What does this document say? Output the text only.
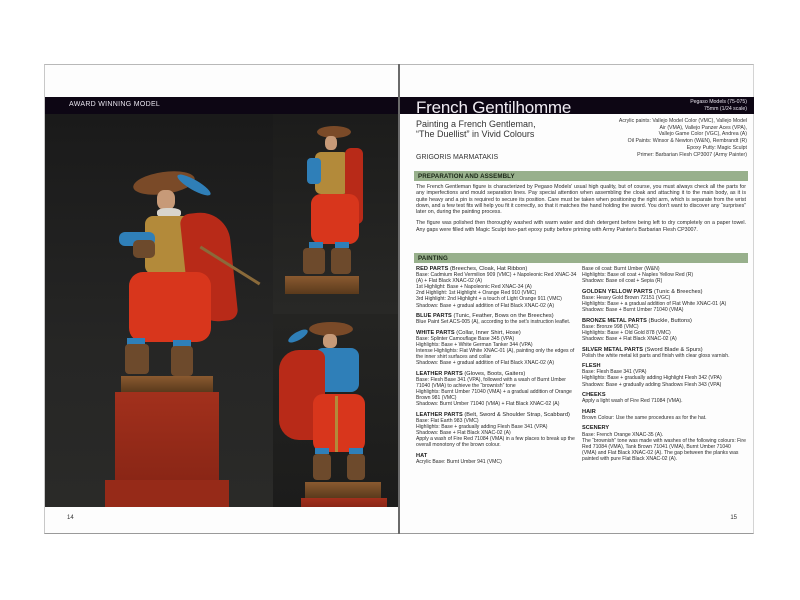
AWARD WINNING MODEL
14
French Gentilhomme	Pegaso Models (75-075)
75mm (1/24 scale)
Painting a French Gentleman,
“The Duellist” in Vivid Colours
GRIGORIS MARMATAKIS
Acrylic paints: Vallejo Model Color (VMC), Vallejo Model
Air (VMA), Vallejo Panzer Aces (VPA),
Vallejo Game Color (VGC), Andrea (A)
Oil Paints: Winsor & Newton (W&N), Rembrandt (R)
Epoxy Putty: Magic Sculpt
Primer: Barbarian Flesh CP3007 (Army Painter)
PREPARATION AND ASSEMBLY

The French Gentleman figure is characterized by Pegaso Models' usual high quality, but of course, you must always check all the parts for any imperfections and mould separation lines. Pay special attention when assembling the cloak and attaching it to the main body, as it is quite heavy and a pin is required to secure its position. Care must be taken when positioning the right arm, which is separate from the wrist down, and a few test fits will help you fit it correctly, so that it matches the hand holding the sword. You don't want to discover any “surprises” later on, during the painting process.

The figure was polished then thoroughly washed with warm water and dish detergent before being left to dry completely on a paper towel. Any gaps were filled with Magic Sculpt two-part epoxy putty before priming with Army Painter's Barbarian Flesh CP3007.

PAINTING
RED PARTS (Breeches, Cloak, Hat Ribbon)
Base: Cadmium Red Vermilion 909 (VMC) + Napoleonic Red XNAC-34 (A) + Flat Black XNAC-02 (A)
1st Highlight: Base + Napoleonic Red XNAC-34 (A)
2nd Highlight: 1st Highlight + Orange Red 910 (VMC)
3rd Highlight: 2nd Highlight + a touch of Light Orange 911 (VMC)
Shadows: Base + gradual addition of Flat Black XNAC-02 (A)
BLUE PARTS (Tunic, Feather, Bows on the Breeches)
Blue Paint Set ACS-005 (A), according to the set's instruction leaflet.
WHITE PARTS (Collar, Inner Shirt, Hose)
Base: Splinter Camouflage Base 345 (VPA)
Highlights: Base + White German Tanker 344 (VPA)
Intense Highlights: Flat White XNAC-01 (A), painting only the edges of the inner shirt surfaces and collar
Shadows: Base + gradual addition of Flat Black XNAC-02 (A)
LEATHER PARTS (Gloves, Boots, Gaiters)
Base: Flesh Base 341 (VPA), followed with a wash of Burnt Umber 71040 (VMA) to achieve the “brownish” tone
Highlights: Burnt Umber 71040 (VMA) + a gradual addition of Orange Brown 981 (VMC)
Shadows: Burnt Umber 71040 (VMA) + Flat Black XNAC-02 (A)
LEATHER PARTS (Belt, Sword & Shoulder Strap, Scabbard)
Base: Flat Earth 983 (VMC)
Highlights: Base + gradually adding Flesh Base 341 (VPA)
Shadows: Base + Flat Black XNAC-02 (A)
Apply a wash of Fire Red 71084 (VMA) in a few places to break up the overall monotony of the brown colour.
HAT
Acrylic Base: Burnt Umber 941 (VMC)
Base oil coat: Burnt Umber (W&N)
Highlights: Base oil coat + Naples Yellow Red (R)
Shadows: Base oil coat + Sepia (R)
GOLDEN YELLOW PARTS (Tunic & Breeches)
Base: Heavy Gold Brown 72151 (VGC)
Highlights: Base + a gradual addition of Flat White XNAC-01 (A)
Shadows: Base + Burnt Umber 71040 (VMA)
BRONZE METAL PARTS (Buckle, Buttons)
Base: Bronze 998 (VMC)
Highlights: Base + Old Gold 878 (VMC)
Shadows: Base + Flat Black XNAC-02 (A)
SILVER METAL PARTS (Sword Blade & Spurs)
Polish the white metal kit parts and finish with clear gloss varnish.
FLESH
Base: Flesh Base 341 (VPA)
Highlights: Base + gradually adding Highlight Flesh 342 (VPA)
Shadows: Base + gradually adding Shadows Flesh 343 (VPA)
CHEEKS
Apply a light wash of Fire Red 71084 (VMA).
HAIR
Brown Colour: Use the same procedures as for the hat.
SCENERY
Base: French Orange XNAC-35 (A).
The “brownish” tone was made with washes of the following colours: Fire Red 71084 (VMA), Tank Brown 71041 (VMA), Burnt Umber 71040 (VMA) and Flat Black XNAC-02 (A). The gap between the planks was painted with pure Flat Black XNAC-02 (A).
15
